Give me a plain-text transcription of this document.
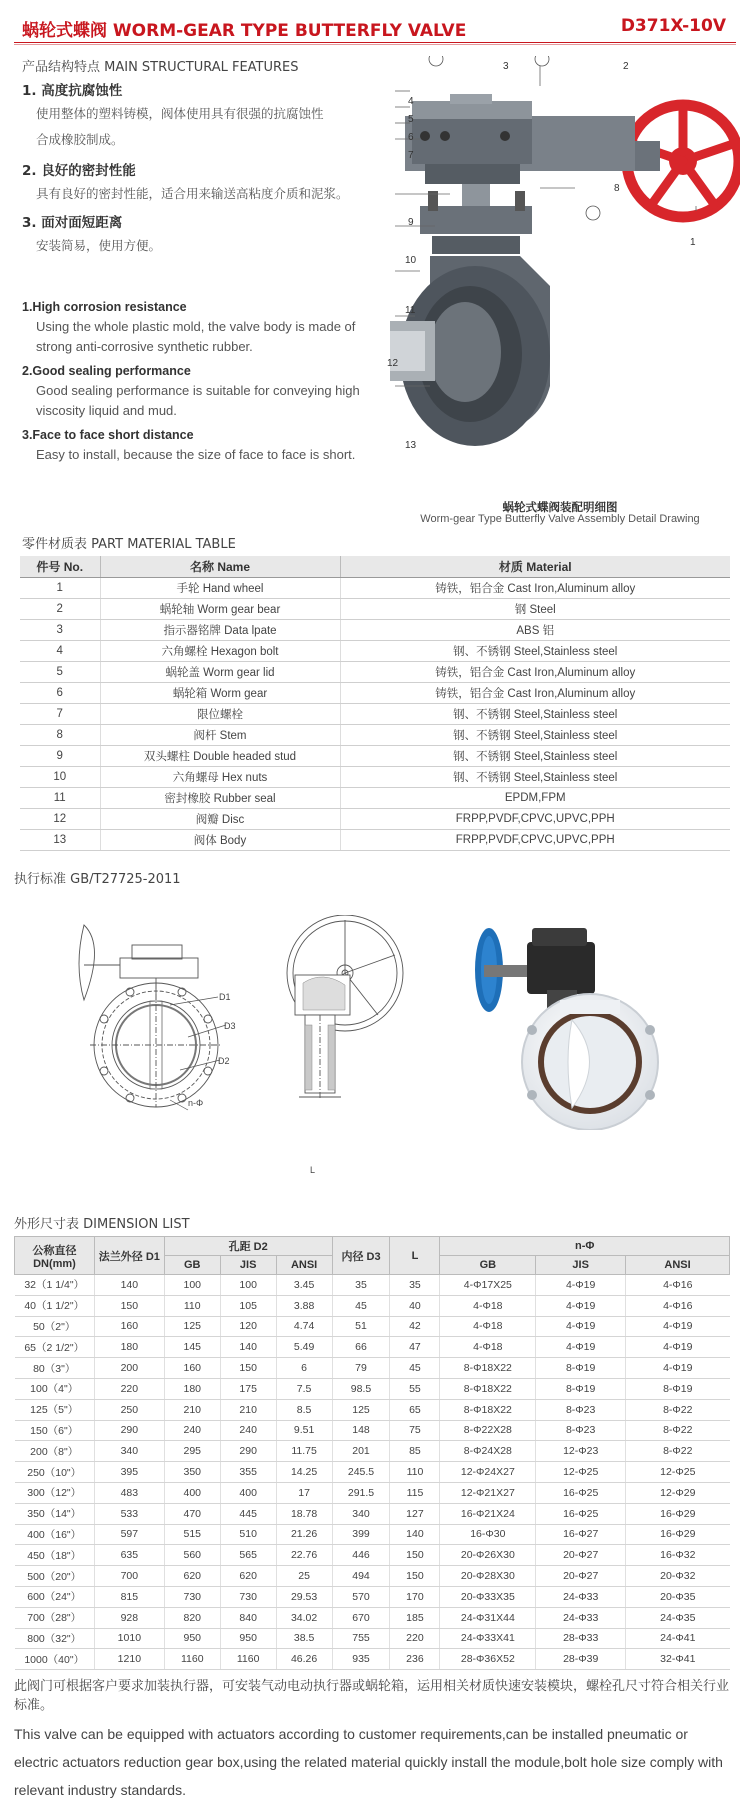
蜗轮式蝶阀 WORM-GEAR TYPE BUTTERFLY VALVE	D371X-10V
产品结构特点 MAIN STRUCTURAL FEATURES
1. 高度抗腐蚀性
使用整体的塑料铸模，阀体使用具有很强的抗腐蚀性合成橡胶制成。
2. 良好的密封性能
具有良好的密封性能，适合用来输送高粘度介质和泥浆。
3. 面对面短距离
安装简易，使用方便。
1.High corrosion resistance
Using the whole plastic mold, the valve body is made of strong anti-corrosive synthetic rubber.
2.Good sealing performance
Good sealing performance is suitable for conveying high viscosity liquid and mud.
3.Face to face short distance
Easy to install, because the size of face to face is short.
1
2
3
4
5
6
7
8
9
10
11
12
13
蜗轮式蝶阀装配明细图
Worm-gear Type Butterfly Valve Assembly Detail Drawing
零件材质表 PART MATERIAL TABLE
件号 No.	名称 Name	材质 Material
1	手轮 Hand wheel	铸铁，铝合金 Cast Iron,Aluminum alloy
2	蜗轮轴 Worm gear bear	钢 Steel
3	指示器铭牌 Data lpate	ABS 铝
4	六角螺栓 Hexagon bolt	钢、不锈钢 Steel,Stainless steel
5	蜗轮盖 Worm gear lid	铸铁，铝合金 Cast Iron,Aluminum alloy
6	蜗轮箱 Worm gear	铸铁，铝合金 Cast Iron,Aluminum alloy
7	限位螺栓	钢、不锈钢 Steel,Stainless steel
8	阀杆 Stem	钢、不锈钢 Steel,Stainless steel
9	双头螺柱 Double headed stud	钢、不锈钢 Steel,Stainless steel
10	六角螺母 Hex nuts	钢、不锈钢 Steel,Stainless steel
11	密封橡胶 Rubber seal	EPDM,FPM
12	阀瓣 Disc	FRPP,PVDF,CPVC,UPVC,PPH
13	阀体 Body	FRPP,PVDF,CPVC,UPVC,PPH
执行标准 GB/T27725-2011
D1
D3
D2
n-Φ
L
外形尺寸表 DIMENSION LIST
公称直径 DN(mm)	法兰外径 D1	孔距 D2			内径 D3	L	n-Φ		
		GB	JIS	ANSI			GB	JIS	ANSI
32（1 1/4"）	140	100	100	3.45	35	35	4-Φ17X25	4-Φ19	4-Φ16
40（1 1/2"）	150	110	105	3.88	45	40	4-Φ18	4-Φ19	4-Φ16
50（2"）	160	125	120	4.74	51	42	4-Φ18	4-Φ19	4-Φ19
65（2 1/2"）	180	145	140	5.49	66	47	4-Φ18	4-Φ19	4-Φ19
80（3"）	200	160	150	6	79	45	8-Φ18X22	8-Φ19	4-Φ19
100（4"）	220	180	175	7.5	98.5	55	8-Φ18X22	8-Φ19	8-Φ19
125（5"）	250	210	210	8.5	125	65	8-Φ18X22	8-Φ23	8-Φ22
150（6"）	290	240	240	9.51	148	75	8-Φ22X28	8-Φ23	8-Φ22
200（8"）	340	295	290	11.75	201	85	8-Φ24X28	12-Φ23	8-Φ22
250（10"）	395	350	355	14.25	245.5	110	12-Φ24X27	12-Φ25	12-Φ25
300（12"）	483	400	400	17	291.5	115	12-Φ21X27	16-Φ25	12-Φ29
350（14"）	533	470	445	18.78	340	127	16-Φ21X24	16-Φ25	16-Φ29
400（16"）	597	515	510	21.26	399	140	16-Φ30	16-Φ27	16-Φ29
450（18"）	635	560	565	22.76	446	150	20-Φ26X30	20-Φ27	16-Φ32
500（20"）	700	620	620	25	494	150	20-Φ28X30	20-Φ27	20-Φ32
600（24"）	815	730	730	29.53	570	170	20-Φ33X35	24-Φ33	20-Φ35
700（28"）	928	820	840	34.02	670	185	24-Φ31X44	24-Φ33	24-Φ35
800（32"）	1010	950	950	38.5	755	220	24-Φ33X41	28-Φ33	24-Φ41
1000（40"）	1210	1160	1160	46.26	935	236	28-Φ36X52	28-Φ39	32-Φ41
此阀门可根据客户要求加装执行器，可安装气动电动执行器或蜗轮箱，运用相关材质快速安装模块，螺栓孔尺寸符合相关行业标准。
This valve can be equipped with actuators according to customer requirements,can be installed pneumatic or electric actuators reduction gear box,using the related material quickly install the module,bolt hole size comply with relevant industry standards.
